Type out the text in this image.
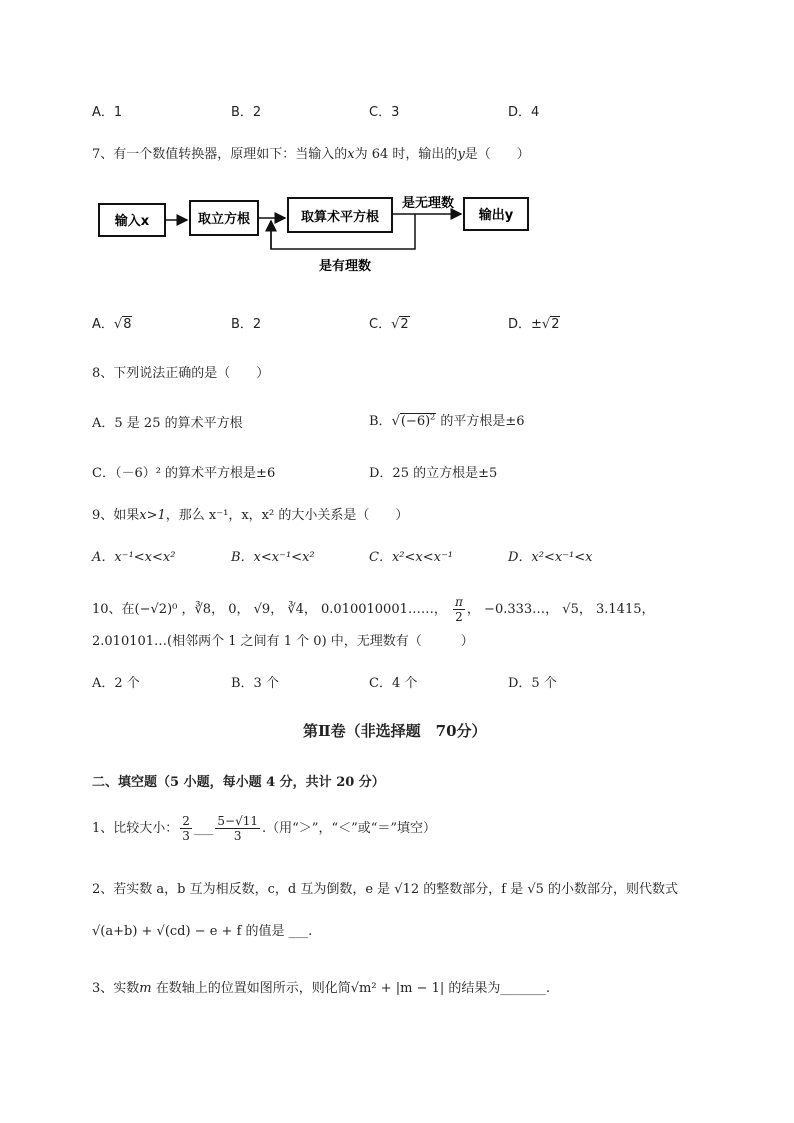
A．1	B．2	C．3	D．4
7、有一个数值转换器，原理如下：当输入的x为 64 时，输出的y是（　　）
输入x	取立方根	取算术平方根
是无理数
输出y
是有理数
A．√8	B．2	C．√2	D．±√2
8、下列说法正确的是（　　）
A．5 是 25 的算术平方根	B．$√(-6)^2$ 的平方根是±6
C．（－6）² 的算术平方根是±6	D．25 的立方根是±5
9、如果x>1，那么 x⁻¹，x，x² 的大小关系是（　　）
A．x⁻¹<x<x²	B．x<x⁻¹<x²	C．x²<x<x⁻¹	D．x²<x⁻¹<x
10、在(−√2)⁰ ，∛8， 0， √9， ∛4， 0.010010001……， $\frac{\pi}{2}$ ， −0.333…， √5， 3.1415，
2.010101…(相邻两个 1 之间有 1 个 0) 中，无理数有（　　　）
A．2 个	B．3 个	C．4 个	D．5 个
第Ⅱ卷（非选择题　70分）
二、填空题（5 小题，每小题 4 分，共计 20 分）
1、比较大小： $\frac{2}{3}$ ___ $\frac{5-√11}{3}$ .（用“＞”，“＜”或“＝”填空）
2、若实数 a，b 互为相反数，c，d 互为倒数，e 是 √12 的整数部分，f 是 √5 的小数部分，则代数式
√(a+b) + √(cd) − e + f 的值是 ___.
3、实数m 在数轴上的位置如图所示，则化简√m² + |m − 1| 的结果为_______.
